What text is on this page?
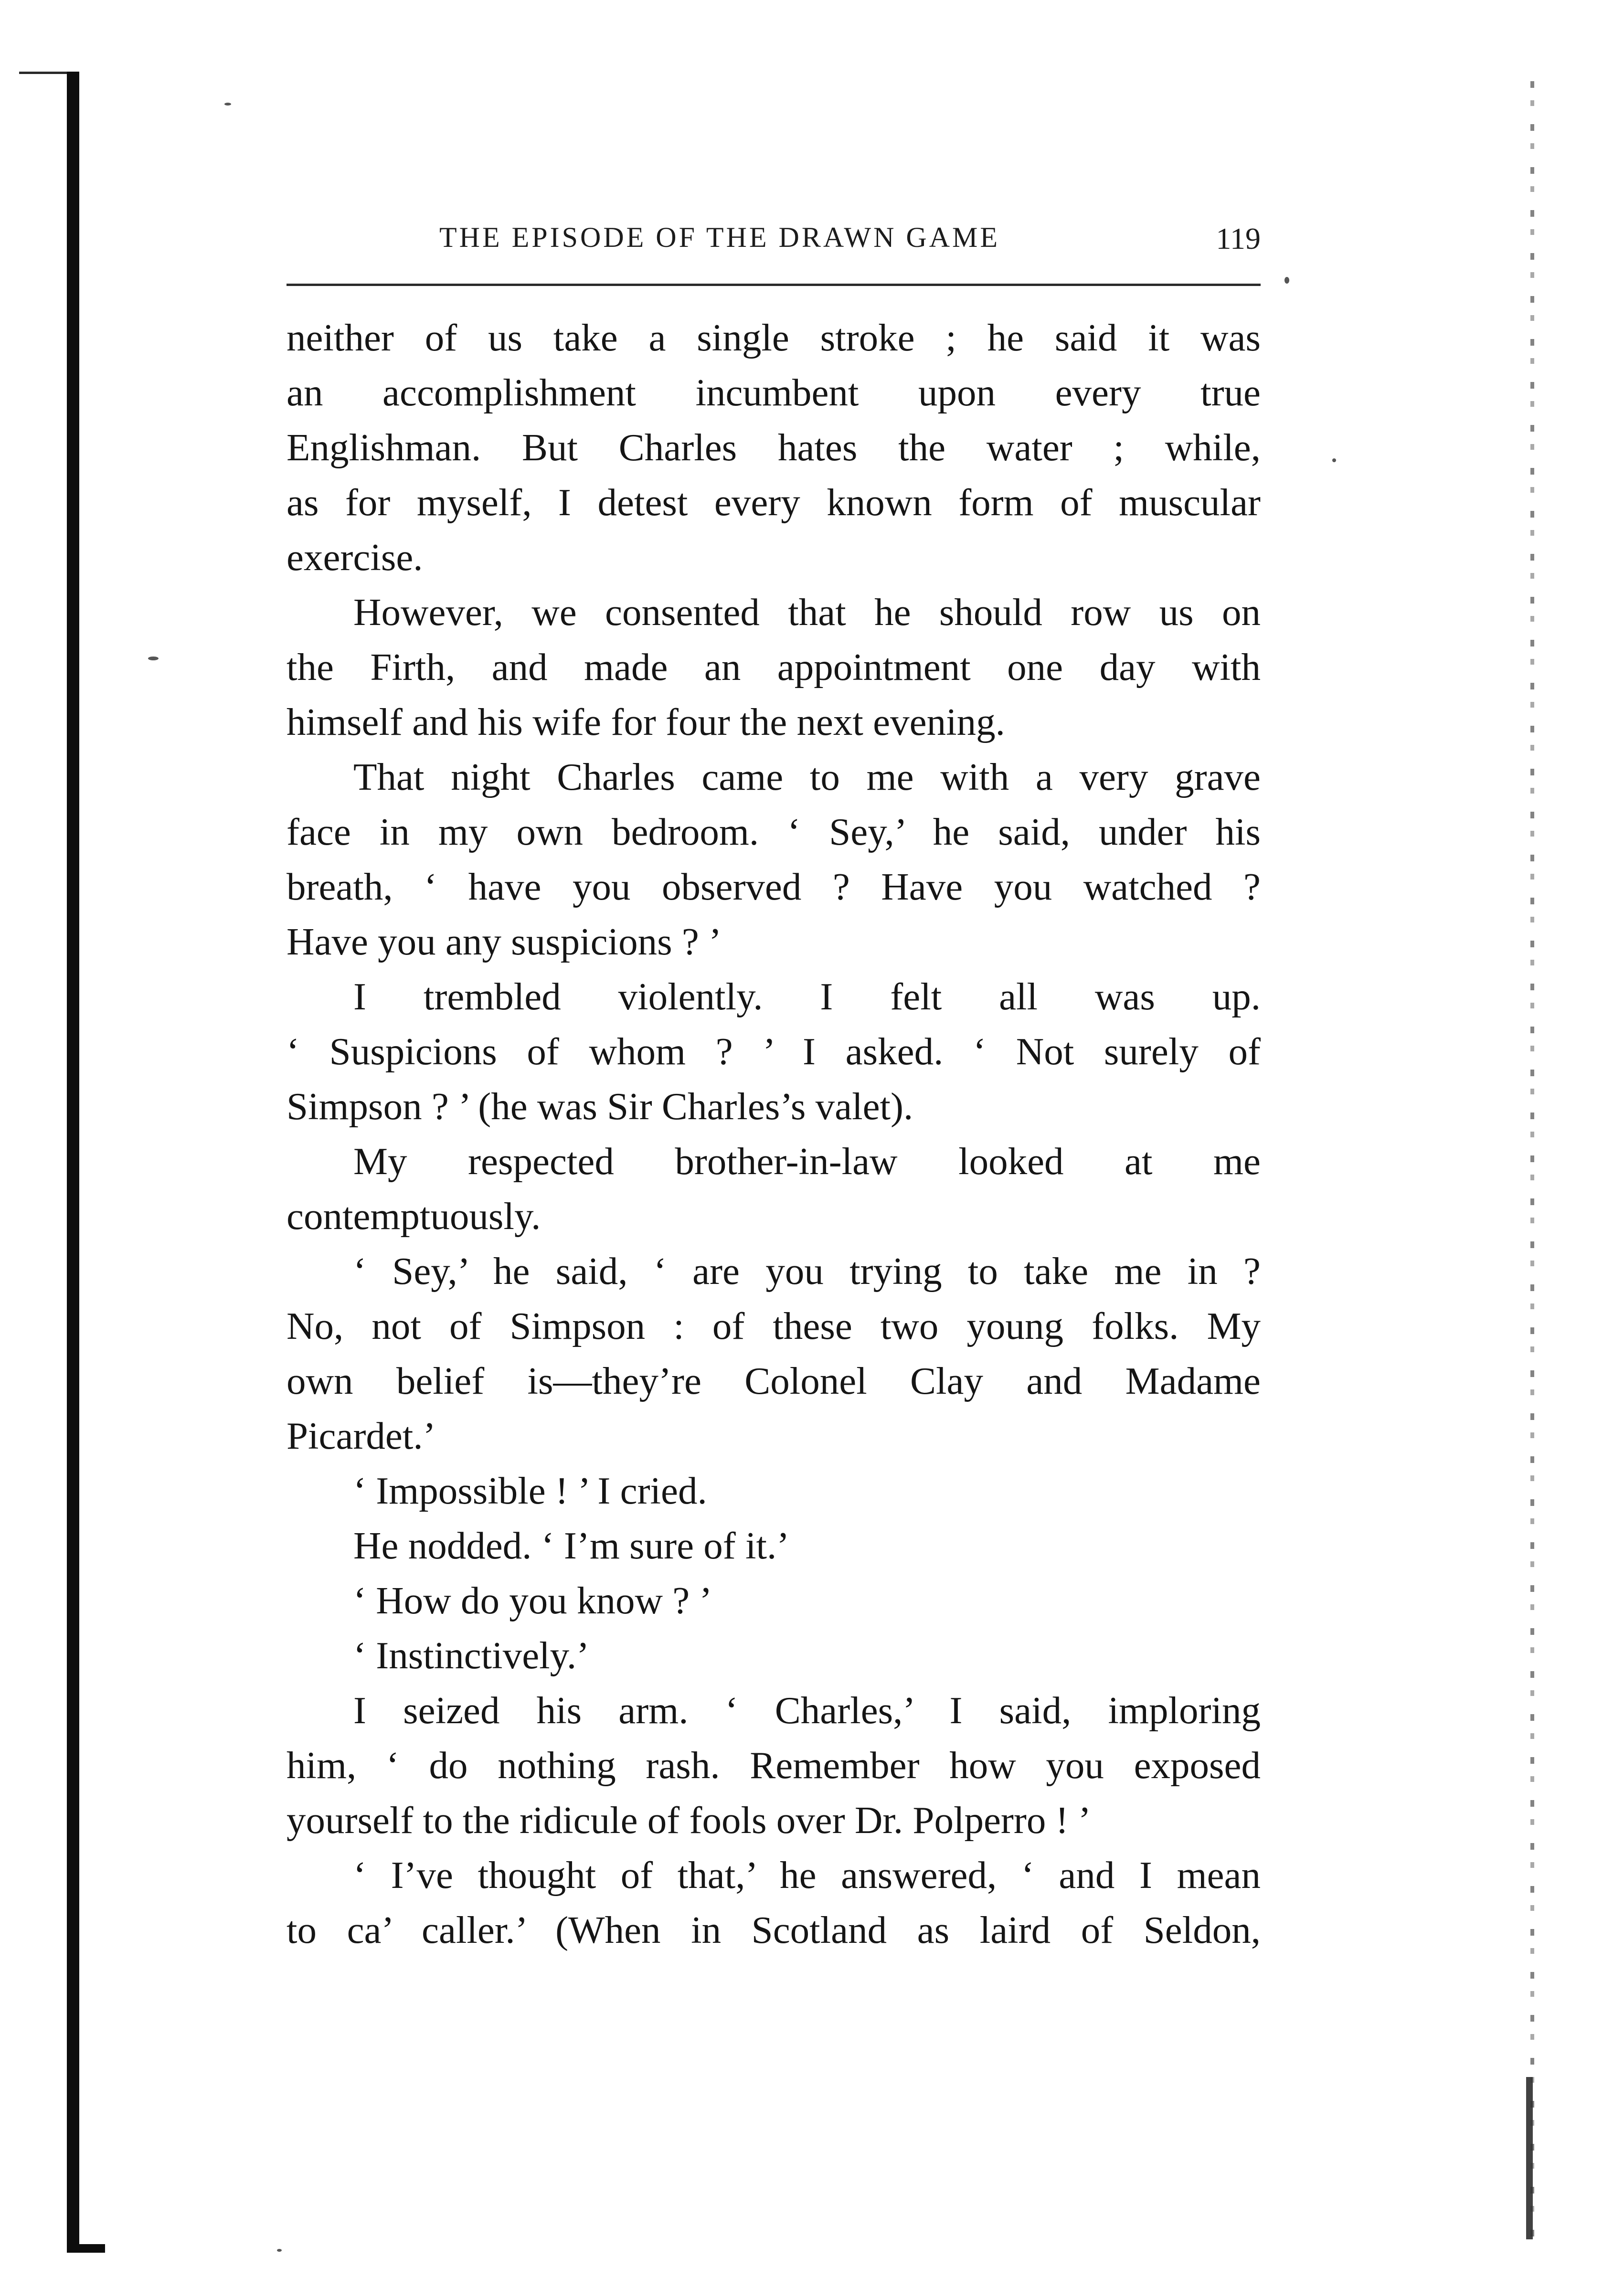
THE EPISODE OF THE DRAWN GAME	119
neither of us take a single stroke ; he said it was
an accomplishment incumbent upon every true
Englishman. But Charles hates the water ; while,
as for myself, I detest every known form of muscular
exercise.
However, we consented that he should row us on
the Firth, and made an appointment one day with
himself and his wife for four the next evening.
That night Charles came to me with a very grave
face in my own bedroom. ‘ Sey,’ he said, under his
breath, ‘ have you observed ? Have you watched ?
Have you any suspicions ? ’
I trembled violently. I felt all was up.
‘ Suspicions of whom ? ’ I asked. ‘ Not surely of
Simpson ? ’ (he was Sir Charles’s valet).
My respected brother-in-law looked at me
contemptuously.
‘ Sey,’ he said, ‘ are you trying to take me in ?
No, not of Simpson : of these two young folks. My
own belief is—they’re Colonel Clay and Madame
Picardet.’
‘ Impossible ! ’ I cried.
He nodded. ‘ I’m sure of it.’
‘ How do you know ? ’
‘ Instinctively.’
I seized his arm. ‘ Charles,’ I said, imploring
him, ‘ do nothing rash. Remember how you exposed
yourself to the ridicule of fools over Dr. Polperro ! ’
‘ I’ve thought of that,’ he answered, ‘ and I mean
to ca’ caller.’ (When in Scotland as laird of Seldon,
